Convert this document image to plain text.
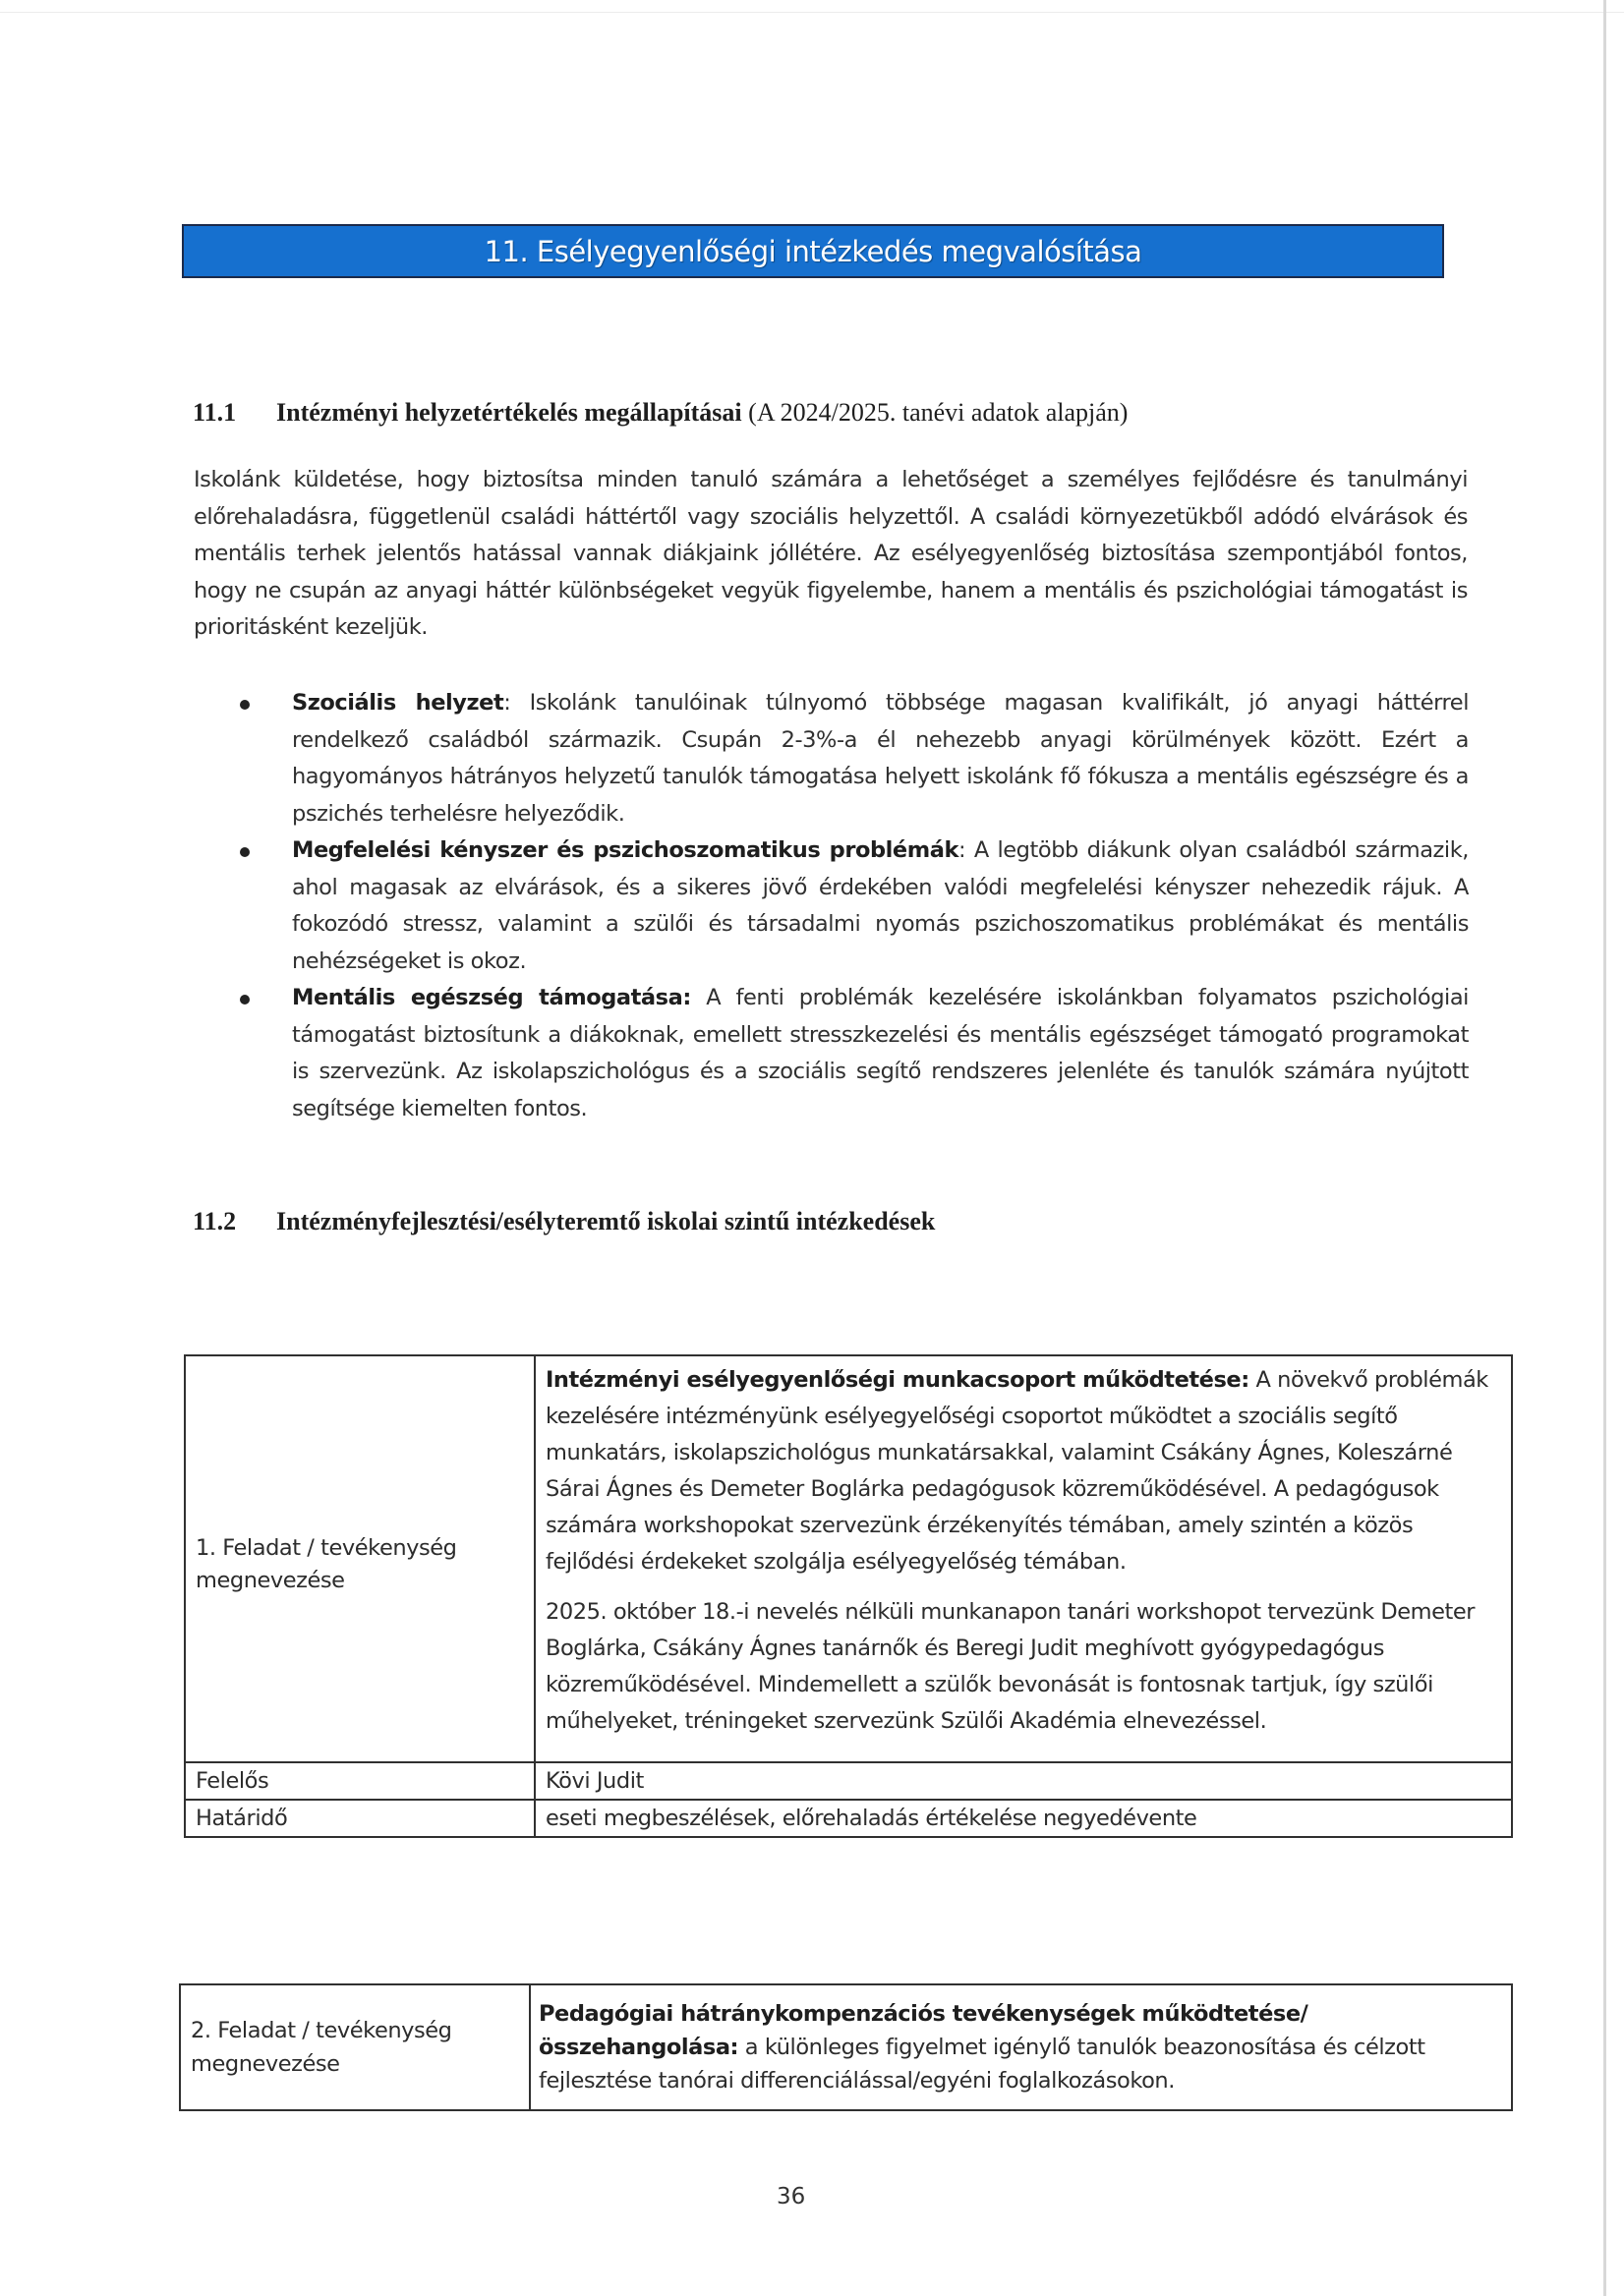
11. Esélyegyenlőségi intézkedés megvalósítása
11.1 Intézményi helyzetértékelés megállapításai (A 2024/2025. tanévi adatok alapján)

Iskolánk küldetése, hogy biztosítsa minden tanuló számára a lehetőséget a személyes fejlődésre és tanulmányi előrehaladásra, függetlenül családi háttértől vagy szociális helyzettől. A családi környezetükből adódó elvárások és mentális terhek jelentős hatással vannak diákjaink jóllétére. Az esélyegyenlőség biztosítása szempontjából fontos, hogy ne csupán az anyagi háttér különbségeket vegyük figyelembe, hanem a mentális és pszichológiai támogatást is prioritásként kezeljük.

Szociális helyzet: Iskolánk tanulóinak túlnyomó többsége magasan kvalifikált, jó anyagi háttérrel rendelkező családból származik. Csupán 2-3%-a él nehezebb anyagi körülmények között. Ezért a hagyományos hátrányos helyzetű tanulók támogatása helyett iskolánk fő fókusza a mentális egészségre és a pszichés terhelésre helyeződik.
Megfelelési kényszer és pszichoszomatikus problémák: A legtöbb diákunk olyan családból származik, ahol magasak az elvárások, és a sikeres jövő érdekében valódi megfelelési kényszer nehezedik rájuk. A fokozódó stressz, valamint a szülői és társadalmi nyomás pszichoszomatikus problémákat és mentális nehézségeket is okoz.
Mentális egészség támogatása: A fenti problémák kezelésére iskolánkban folyamatos pszichológiai támogatást biztosítunk a diákoknak, emellett stresszkezelési és mentális egészséget támogató programokat is szervezünk. Az iskolapszichológus és a szociális segítő rendszeres jelenléte és tanulók számára nyújtott segítsége kiemelten fontos.
11.2 Intézményfejlesztési/esélyteremtő iskolai szintű intézkedések
1. Feladat / tevékenység megnevezése	Intézményi esélyegyenlőségi munkacsoport működtetése: A növekvő problémák kezelésére intézményünk esélyegyelőségi csoportot működtet a szociális segítő munkatárs, iskolapszichológus munkatársakkal, valamint Csákány Ágnes, Koleszárné Sárai Ágnes és Demeter Boglárka pedagógusok közreműködésével. A pedagógusok számára workshopokat szervezünk érzékenyítés témában, amely szintén a közös fejlődési érdekeket szolgálja esélyegyelőség témában.

2025. október 18.-i nevelés nélküli munkanapon tanári workshopot tervezünk Demeter Boglárka, Csákány Ágnes tanárnők és Beregi Judit meghívott gyógypedagógus közreműködésével. Mindemellett a szülők bevonását is fontosnak tartjuk, így szülői műhelyeket, tréningeket szervezünk Szülői Akadémia elnevezéssel.

Felelős	Kövi Judit
Határidő	eseti megbeszélések, előrehaladás értékelése negyedévente
2. Feladat / tevékenység megnevezése	Pedagógiai hátránykompenzációs tevékenységek működtetése/összehangolása: a különleges figyelmet igénylő tanulók beazonosítása és célzott fejlesztése tanórai differenciálással/egyéni foglalkozásokon.
36
